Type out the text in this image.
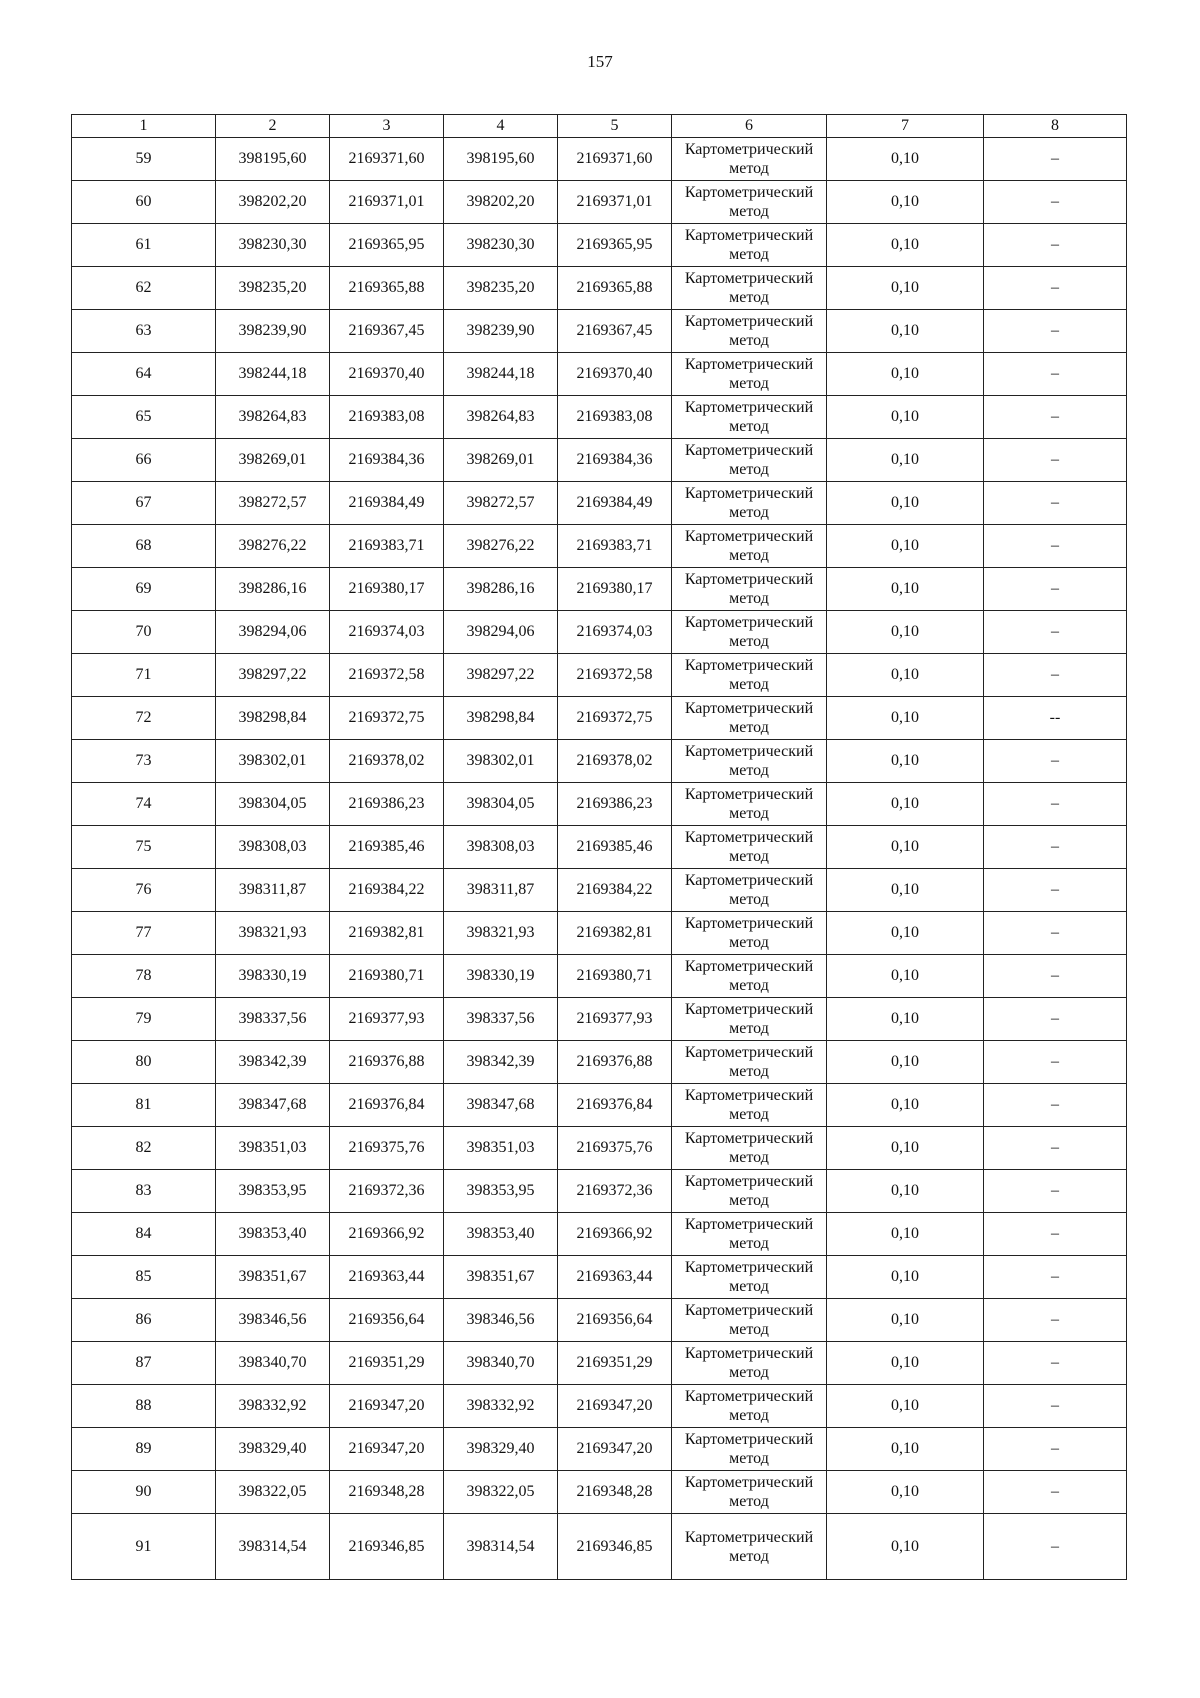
157
1	2	3	4	5	6	7	8
59	398195,60	2169371,60	398195,60	2169371,60	Картометрический метод	0,10	–
60	398202,20	2169371,01	398202,20	2169371,01	Картометрический метод	0,10	–
61	398230,30	2169365,95	398230,30	2169365,95	Картометрический метод	0,10	–
62	398235,20	2169365,88	398235,20	2169365,88	Картометрический метод	0,10	–
63	398239,90	2169367,45	398239,90	2169367,45	Картометрический метод	0,10	–
64	398244,18	2169370,40	398244,18	2169370,40	Картометрический метод	0,10	–
65	398264,83	2169383,08	398264,83	2169383,08	Картометрический метод	0,10	–
66	398269,01	2169384,36	398269,01	2169384,36	Картометрический метод	0,10	–
67	398272,57	2169384,49	398272,57	2169384,49	Картометрический метод	0,10	–
68	398276,22	2169383,71	398276,22	2169383,71	Картометрический метод	0,10	–
69	398286,16	2169380,17	398286,16	2169380,17	Картометрический метод	0,10	–
70	398294,06	2169374,03	398294,06	2169374,03	Картометрический метод	0,10	–
71	398297,22	2169372,58	398297,22	2169372,58	Картометрический метод	0,10	–
72	398298,84	2169372,75	398298,84	2169372,75	Картометрический метод	0,10	--
73	398302,01	2169378,02	398302,01	2169378,02	Картометрический метод	0,10	–
74	398304,05	2169386,23	398304,05	2169386,23	Картометрический метод	0,10	–
75	398308,03	2169385,46	398308,03	2169385,46	Картометрический метод	0,10	–
76	398311,87	2169384,22	398311,87	2169384,22	Картометрический метод	0,10	–
77	398321,93	2169382,81	398321,93	2169382,81	Картометрический метод	0,10	–
78	398330,19	2169380,71	398330,19	2169380,71	Картометрический метод	0,10	–
79	398337,56	2169377,93	398337,56	2169377,93	Картометрический метод	0,10	–
80	398342,39	2169376,88	398342,39	2169376,88	Картометрический метод	0,10	–
81	398347,68	2169376,84	398347,68	2169376,84	Картометрический метод	0,10	–
82	398351,03	2169375,76	398351,03	2169375,76	Картометрический метод	0,10	–
83	398353,95	2169372,36	398353,95	2169372,36	Картометрический метод	0,10	–
84	398353,40	2169366,92	398353,40	2169366,92	Картометрический метод	0,10	–
85	398351,67	2169363,44	398351,67	2169363,44	Картометрический метод	0,10	–
86	398346,56	2169356,64	398346,56	2169356,64	Картометрический метод	0,10	–
87	398340,70	2169351,29	398340,70	2169351,29	Картометрический метод	0,10	–
88	398332,92	2169347,20	398332,92	2169347,20	Картометрический метод	0,10	–
89	398329,40	2169347,20	398329,40	2169347,20	Картометрический метод	0,10	–
90	398322,05	2169348,28	398322,05	2169348,28	Картометрический метод	0,10	–
91	398314,54	2169346,85	398314,54	2169346,85	Картометрический метод	0,10	–
